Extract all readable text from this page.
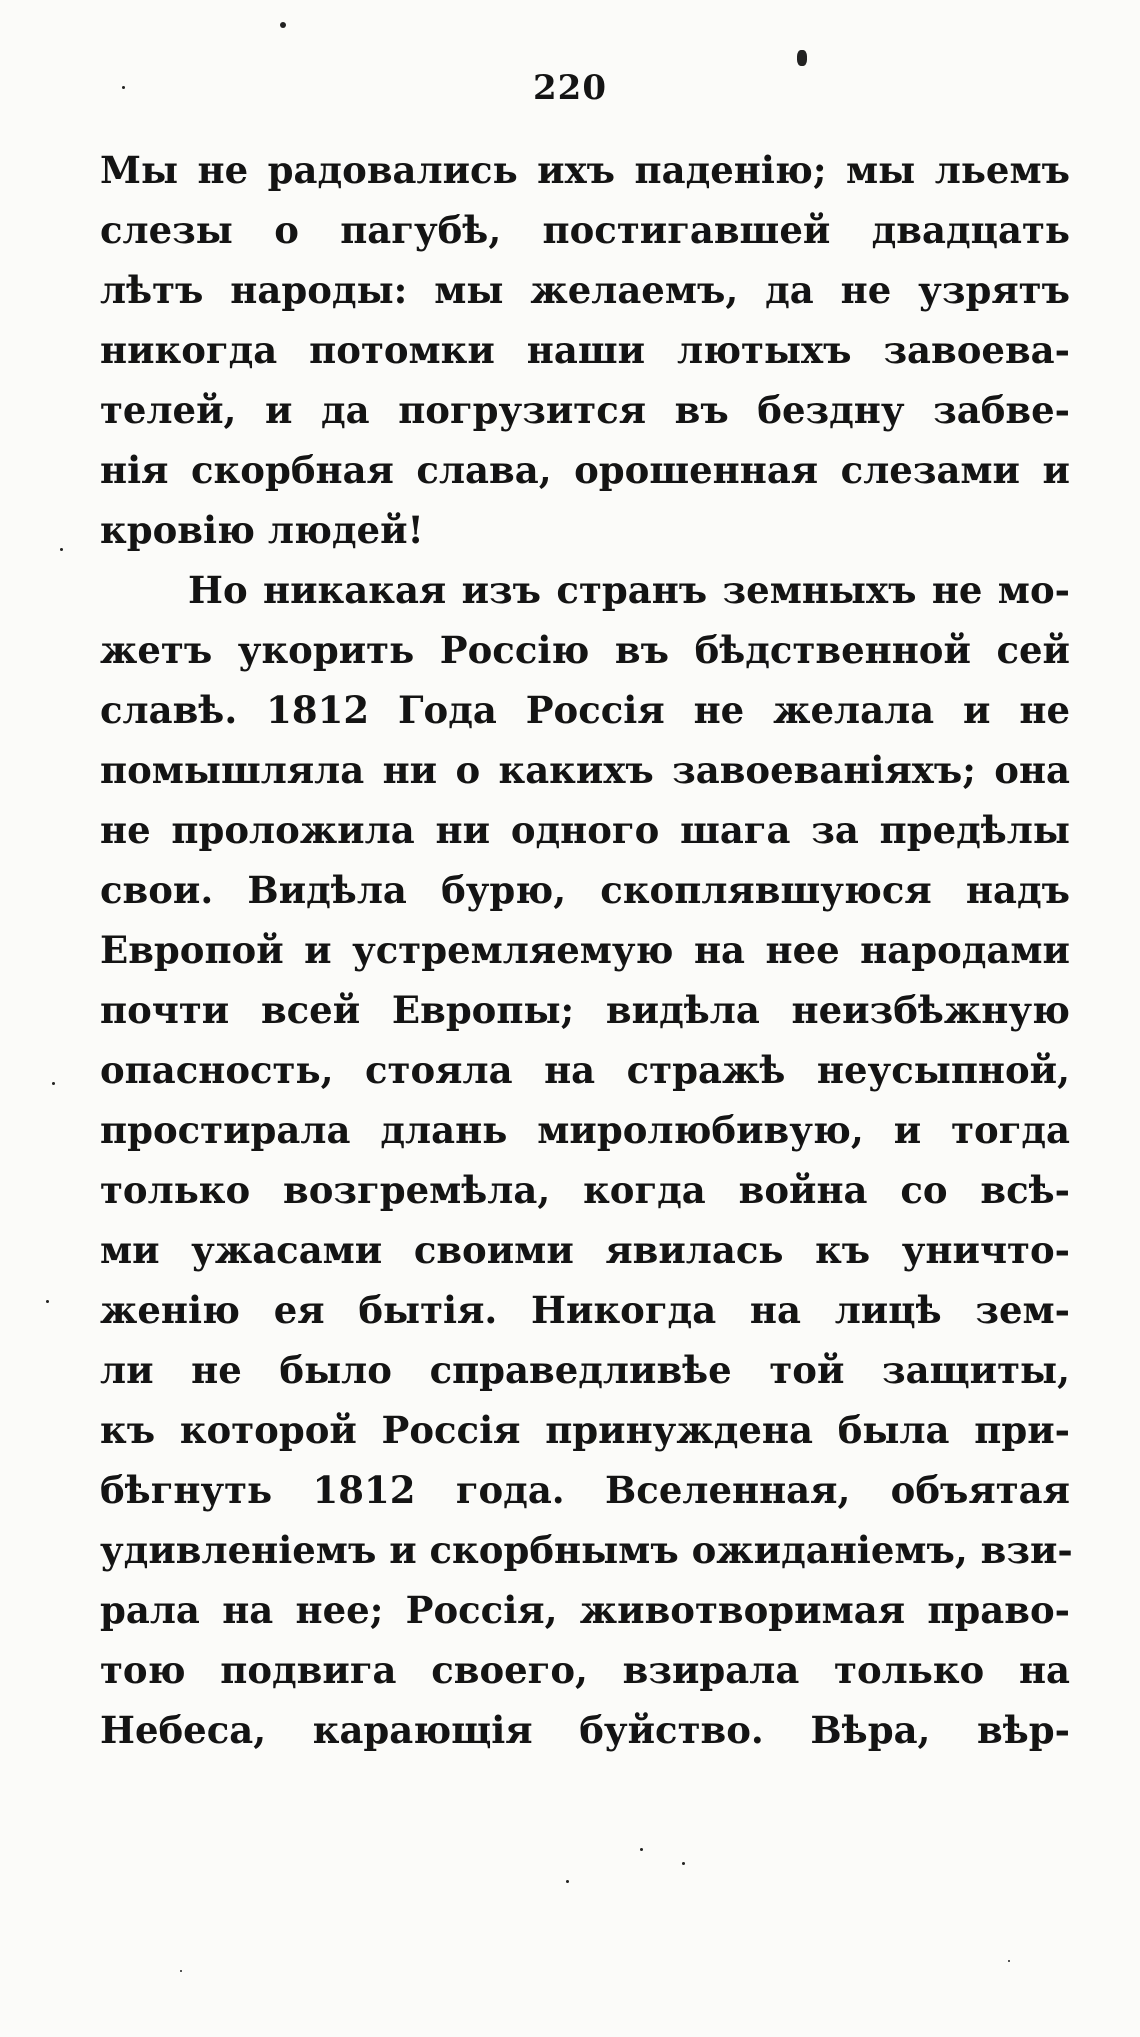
220
Мы не радовались ихъ паденію; мы льемъ
слезы о пагубѣ, постигавшей двадцать
лѣтъ народы: мы желаемъ, да не узрятъ
никогда потомки наши лютыхъ завоева-
телей, и да погрузится въ бездну забве-
нія скорбная слава, орошенная слезами и
кровію людей!
Но никакая изъ странъ земныхъ не мо-
жетъ укорить Россію въ бѣдственной сей
славѣ. 1812 Года Россія не желала и не
помышляла ни о какихъ завоеваніяхъ; она
не проложила ни одного шага за предѣлы
свои. Видѣла бурю, скоплявшуюся надъ
Европой и устремляемую на нее народами
почти всей Европы; видѣла неизбѣжную
опасность, стояла на стражѣ неусыпной,
простирала длань миролюбивую, и тогда
только возгремѣла, когда война со всѣ-
ми ужасами своими явилась къ уничто-
женію ея бытія. Никогда на лицѣ зем-
ли не было справедливѣе той защиты,
къ которой Россія принуждена была при-
бѣгнуть 1812 года. Вселенная, объятая
удивленіемъ и скорбнымъ ожиданіемъ, взи-
рала на нее; Россія, животворимая право-
тою подвига своего, взирала только на
Небеса, карающія буйство. Вѣра, вѣр-
